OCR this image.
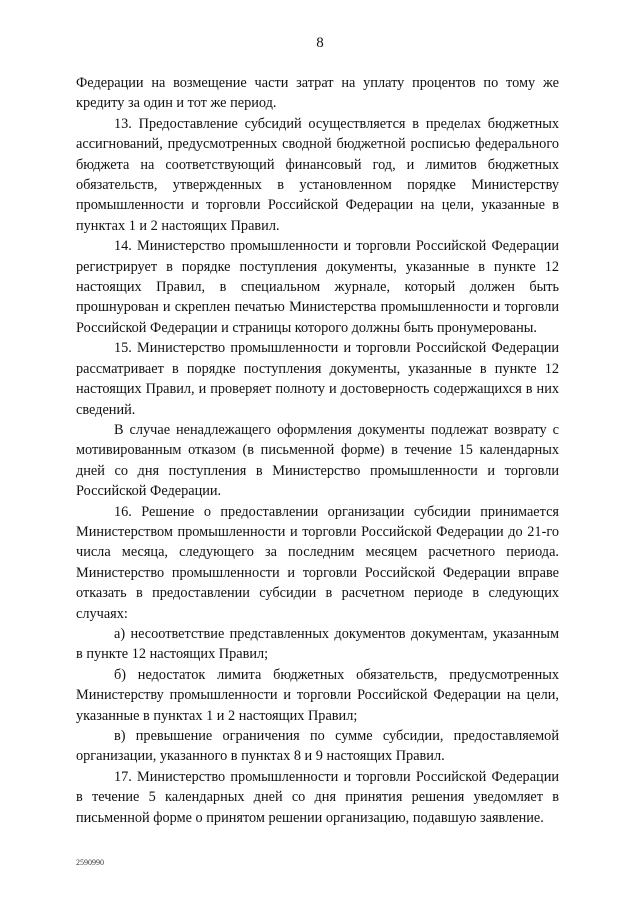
8

Федерации на возмещение части затрат на уплату процентов по тому же кредиту за один и тот же период.

13. Предоставление субсидий осуществляется в пределах бюджетных ассигнований, предусмотренных сводной бюджетной росписью федерального бюджета на соответствующий финансовый год, и лимитов бюджетных обязательств, утвержденных в установленном порядке Министерству промышленности и торговли Российской Федерации на цели, указанные в пунктах 1 и 2 настоящих Правил.

14. Министерство промышленности и торговли Российской Федерации регистрирует в порядке поступления документы, указанные в пункте 12 настоящих Правил, в специальном журнале, который должен быть прошнурован и скреплен печатью Министерства промышленности и торговли Российской Федерации и страницы которого должны быть пронумерованы.

15. Министерство промышленности и торговли Российской Федерации рассматривает в порядке поступления документы, указанные в пункте 12 настоящих Правил, и проверяет полноту и достоверность содержащихся в них сведений.

В случае ненадлежащего оформления документы подлежат возврату с мотивированным отказом (в письменной форме) в течение 15 календарных дней со дня поступления в Министерство промышленности и торговли Российской Федерации.

16. Решение о предоставлении организации субсидии принимается Министерством промышленности и торговли Российской Федерации до 21-го числа месяца, следующего за последним месяцем расчетного периода. Министерство промышленности и торговли Российской Федерации вправе отказать в предоставлении субсидии в расчетном периоде в следующих случаях:

а) несоответствие представленных документов документам, указанным в пункте 12 настоящих Правил;

б) недостаток лимита бюджетных обязательств, предусмотренных Министерству промышленности и торговли Российской Федерации на цели, указанные в пунктах 1 и 2 настоящих Правил;

в) превышение ограничения по сумме субсидии, предоставляемой организации, указанного в пунктах 8 и 9 настоящих Правил.

17. Министерство промышленности и торговли Российской Федерации в течение 5 календарных дней со дня принятия решения уведомляет в письменной форме о принятом решении организацию, подавшую заявление.

2590990
